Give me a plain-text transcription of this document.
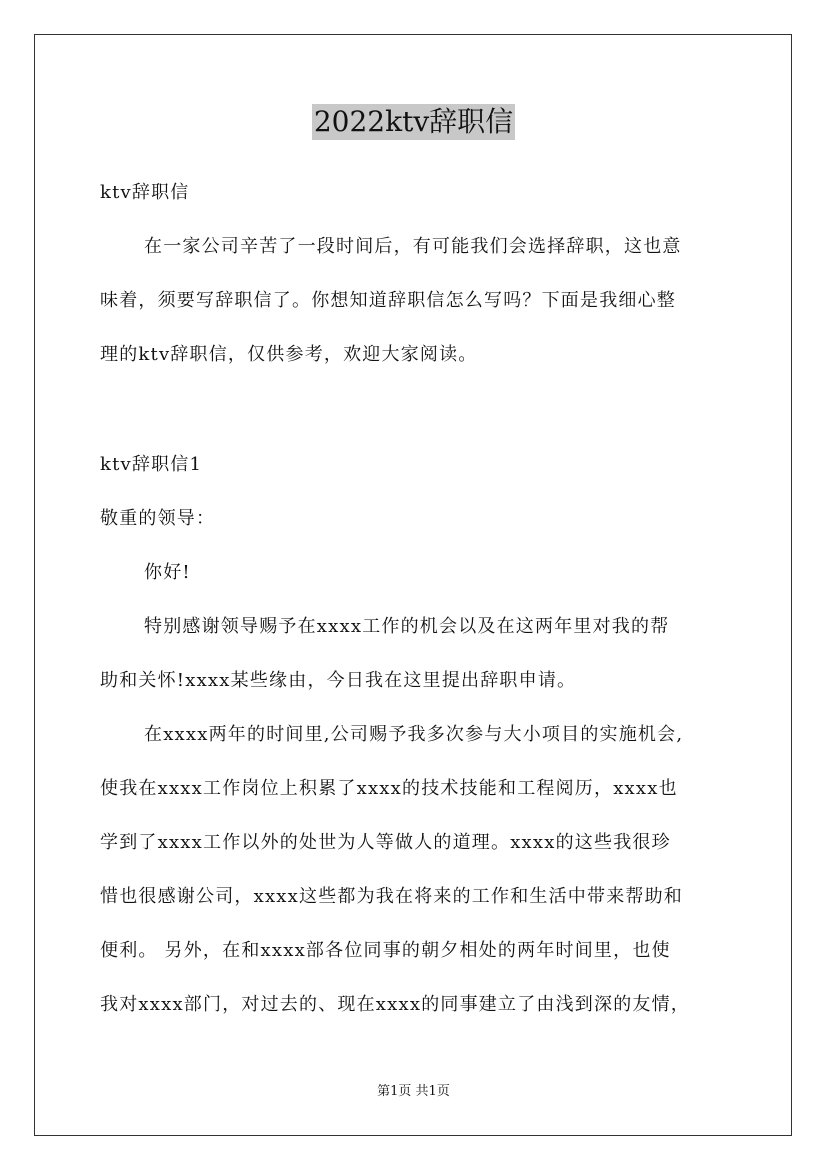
2022ktv辞职信
ktv辞职信
在一家公司辛苦了一段时间后，有可能我们会选择辞职，这也意
味着，须要写辞职信了。你想知道辞职信怎么写吗？下面是我细心整
理的ktv辞职信，仅供参考，欢迎大家阅读。
ktv辞职信1
敬重的领导：
你好!
特别感谢领导赐予在xxxx工作的机会以及在这两年里对我的帮
助和关怀!xxxx某些缘由，今日我在这里提出辞职申请。
在xxxx两年的时间里,公司赐予我多次参与大小项目的实施机会,
使我在xxxx工作岗位上积累了xxxx的技术技能和工程阅历，xxxx也
学到了xxxx工作以外的处世为人等做人的道理。xxxx的这些我很珍
惜也很感谢公司，xxxx这些都为我在将来的工作和生活中带来帮助和
便利。 另外，在和xxxx部各位同事的朝夕相处的两年时间里，也使
我对xxxx部门，对过去的、现在xxxx的同事建立了由浅到深的友情，
第1页 共1页
